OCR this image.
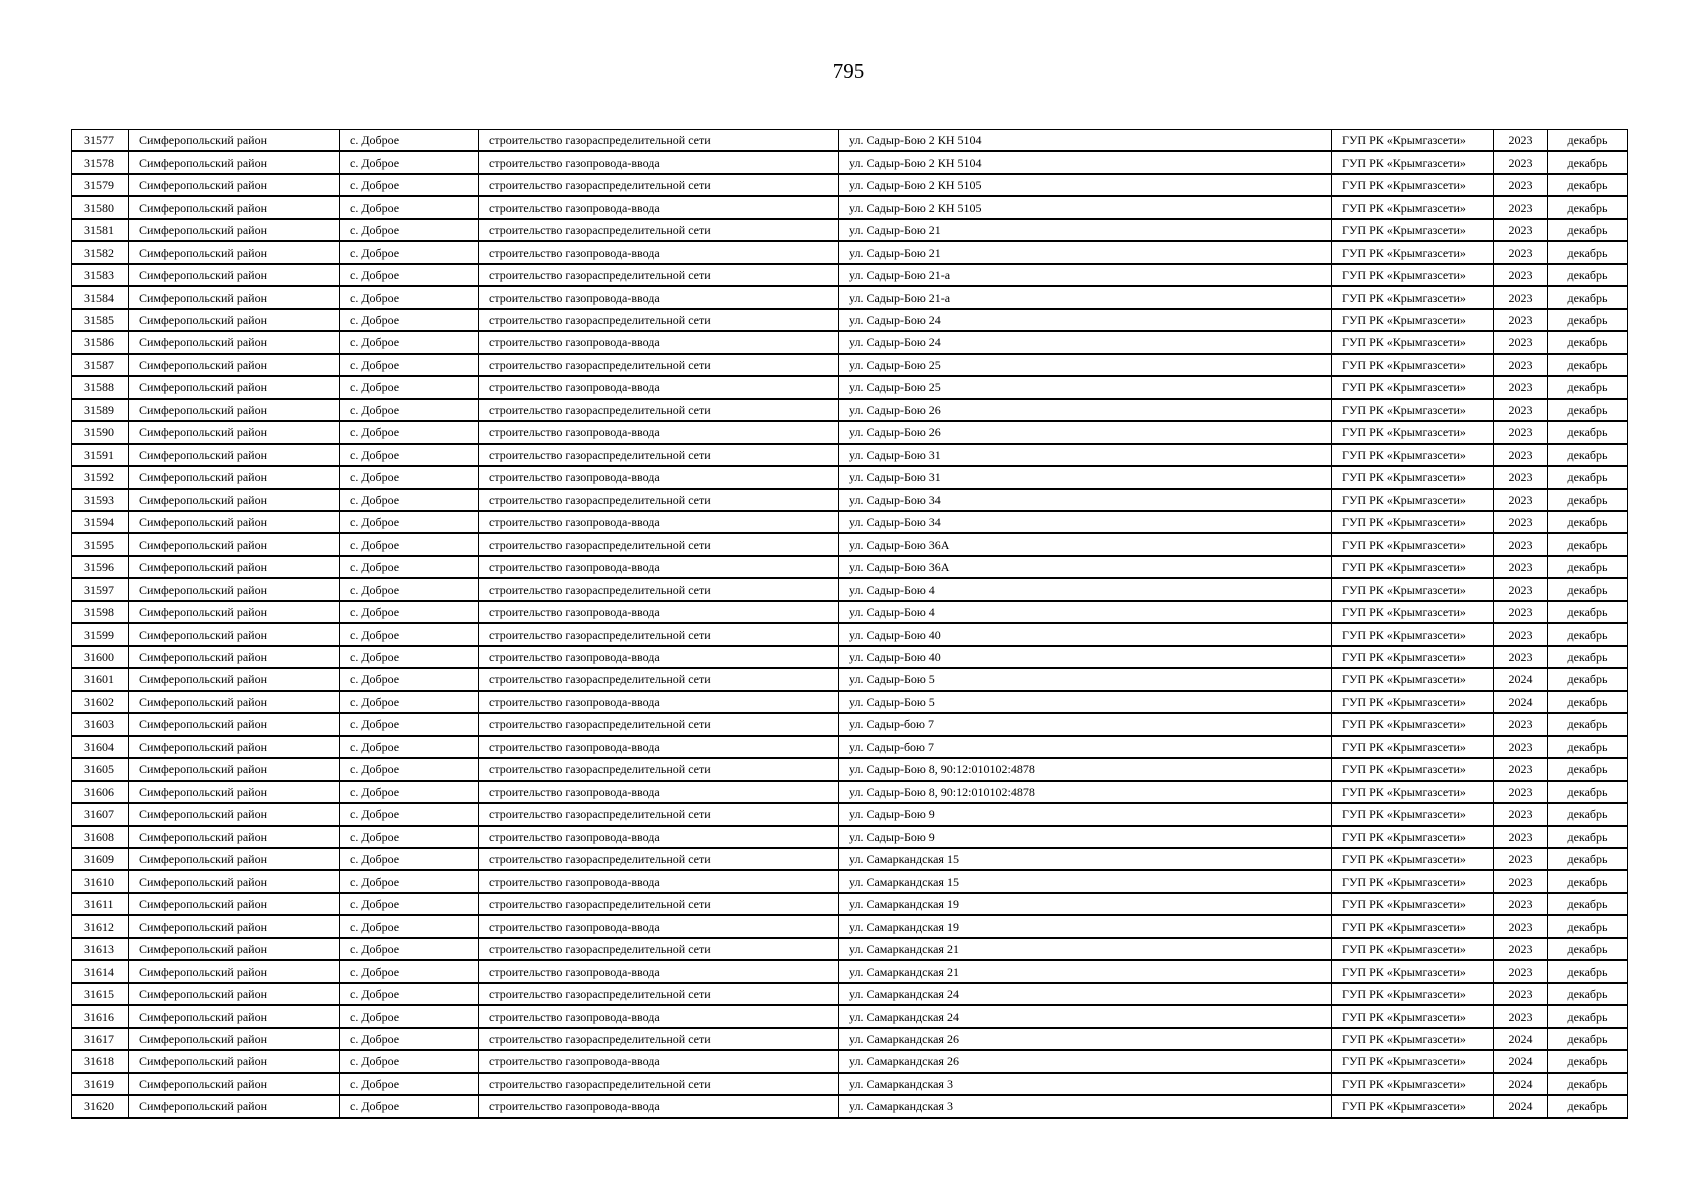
795
31577	Симферопольский район	с. Доброе	строительство газораспределительной сети	ул. Садыр-Бою 2 КН 5104	ГУП РК «Крымгазсети»	2023	декабрь
31578	Симферопольский район	с. Доброе	строительство газопровода-ввода	ул. Садыр-Бою 2 КН 5104	ГУП РК «Крымгазсети»	2023	декабрь
31579	Симферопольский район	с. Доброе	строительство газораспределительной сети	ул. Садыр-Бою 2 КН 5105	ГУП РК «Крымгазсети»	2023	декабрь
31580	Симферопольский район	с. Доброе	строительство газопровода-ввода	ул. Садыр-Бою 2 КН 5105	ГУП РК «Крымгазсети»	2023	декабрь
31581	Симферопольский район	с. Доброе	строительство газораспределительной сети	ул. Садыр-Бою 21	ГУП РК «Крымгазсети»	2023	декабрь
31582	Симферопольский район	с. Доброе	строительство газопровода-ввода	ул. Садыр-Бою 21	ГУП РК «Крымгазсети»	2023	декабрь
31583	Симферопольский район	с. Доброе	строительство газораспределительной сети	ул. Садыр-Бою 21-а	ГУП РК «Крымгазсети»	2023	декабрь
31584	Симферопольский район	с. Доброе	строительство газопровода-ввода	ул. Садыр-Бою 21-а	ГУП РК «Крымгазсети»	2023	декабрь
31585	Симферопольский район	с. Доброе	строительство газораспределительной сети	ул. Садыр-Бою 24	ГУП РК «Крымгазсети»	2023	декабрь
31586	Симферопольский район	с. Доброе	строительство газопровода-ввода	ул. Садыр-Бою 24	ГУП РК «Крымгазсети»	2023	декабрь
31587	Симферопольский район	с. Доброе	строительство газораспределительной сети	ул. Садыр-Бою 25	ГУП РК «Крымгазсети»	2023	декабрь
31588	Симферопольский район	с. Доброе	строительство газопровода-ввода	ул. Садыр-Бою 25	ГУП РК «Крымгазсети»	2023	декабрь
31589	Симферопольский район	с. Доброе	строительство газораспределительной сети	ул. Садыр-Бою 26	ГУП РК «Крымгазсети»	2023	декабрь
31590	Симферопольский район	с. Доброе	строительство газопровода-ввода	ул. Садыр-Бою 26	ГУП РК «Крымгазсети»	2023	декабрь
31591	Симферопольский район	с. Доброе	строительство газораспределительной сети	ул. Садыр-Бою 31	ГУП РК «Крымгазсети»	2023	декабрь
31592	Симферопольский район	с. Доброе	строительство газопровода-ввода	ул. Садыр-Бою 31	ГУП РК «Крымгазсети»	2023	декабрь
31593	Симферопольский район	с. Доброе	строительство газораспределительной сети	ул. Садыр-Бою 34	ГУП РК «Крымгазсети»	2023	декабрь
31594	Симферопольский район	с. Доброе	строительство газопровода-ввода	ул. Садыр-Бою 34	ГУП РК «Крымгазсети»	2023	декабрь
31595	Симферопольский район	с. Доброе	строительство газораспределительной сети	ул. Садыр-Бою 36А	ГУП РК «Крымгазсети»	2023	декабрь
31596	Симферопольский район	с. Доброе	строительство газопровода-ввода	ул. Садыр-Бою 36А	ГУП РК «Крымгазсети»	2023	декабрь
31597	Симферопольский район	с. Доброе	строительство газораспределительной сети	ул. Садыр-Бою 4	ГУП РК «Крымгазсети»	2023	декабрь
31598	Симферопольский район	с. Доброе	строительство газопровода-ввода	ул. Садыр-Бою 4	ГУП РК «Крымгазсети»	2023	декабрь
31599	Симферопольский район	с. Доброе	строительство газораспределительной сети	ул. Садыр-Бою 40	ГУП РК «Крымгазсети»	2023	декабрь
31600	Симферопольский район	с. Доброе	строительство газопровода-ввода	ул. Садыр-Бою 40	ГУП РК «Крымгазсети»	2023	декабрь
31601	Симферопольский район	с. Доброе	строительство газораспределительной сети	ул. Садыр-Бою 5	ГУП РК «Крымгазсети»	2024	декабрь
31602	Симферопольский район	с. Доброе	строительство газопровода-ввода	ул. Садыр-Бою 5	ГУП РК «Крымгазсети»	2024	декабрь
31603	Симферопольский район	с. Доброе	строительство газораспределительной сети	ул. Садыр-бою 7	ГУП РК «Крымгазсети»	2023	декабрь
31604	Симферопольский район	с. Доброе	строительство газопровода-ввода	ул. Садыр-бою 7	ГУП РК «Крымгазсети»	2023	декабрь
31605	Симферопольский район	с. Доброе	строительство газораспределительной сети	ул. Садыр-Бою 8, 90:12:010102:4878	ГУП РК «Крымгазсети»	2023	декабрь
31606	Симферопольский район	с. Доброе	строительство газопровода-ввода	ул. Садыр-Бою 8, 90:12:010102:4878	ГУП РК «Крымгазсети»	2023	декабрь
31607	Симферопольский район	с. Доброе	строительство газораспределительной сети	ул. Садыр-Бою 9	ГУП РК «Крымгазсети»	2023	декабрь
31608	Симферопольский район	с. Доброе	строительство газопровода-ввода	ул. Садыр-Бою 9	ГУП РК «Крымгазсети»	2023	декабрь
31609	Симферопольский район	с. Доброе	строительство газораспределительной сети	ул. Самаркандская 15	ГУП РК «Крымгазсети»	2023	декабрь
31610	Симферопольский район	с. Доброе	строительство газопровода-ввода	ул. Самаркандская 15	ГУП РК «Крымгазсети»	2023	декабрь
31611	Симферопольский район	с. Доброе	строительство газораспределительной сети	ул. Самаркандская 19	ГУП РК «Крымгазсети»	2023	декабрь
31612	Симферопольский район	с. Доброе	строительство газопровода-ввода	ул. Самаркандская 19	ГУП РК «Крымгазсети»	2023	декабрь
31613	Симферопольский район	с. Доброе	строительство газораспределительной сети	ул. Самаркандская 21	ГУП РК «Крымгазсети»	2023	декабрь
31614	Симферопольский район	с. Доброе	строительство газопровода-ввода	ул. Самаркандская 21	ГУП РК «Крымгазсети»	2023	декабрь
31615	Симферопольский район	с. Доброе	строительство газораспределительной сети	ул. Самаркандская 24	ГУП РК «Крымгазсети»	2023	декабрь
31616	Симферопольский район	с. Доброе	строительство газопровода-ввода	ул. Самаркандская 24	ГУП РК «Крымгазсети»	2023	декабрь
31617	Симферопольский район	с. Доброе	строительство газораспределительной сети	ул. Самаркандская 26	ГУП РК «Крымгазсети»	2024	декабрь
31618	Симферопольский район	с. Доброе	строительство газопровода-ввода	ул. Самаркандская 26	ГУП РК «Крымгазсети»	2024	декабрь
31619	Симферопольский район	с. Доброе	строительство газораспределительной сети	ул. Самаркандская 3	ГУП РК «Крымгазсети»	2024	декабрь
31620	Симферопольский район	с. Доброе	строительство газопровода-ввода	ул. Самаркандская 3	ГУП РК «Крымгазсети»	2024	декабрь
